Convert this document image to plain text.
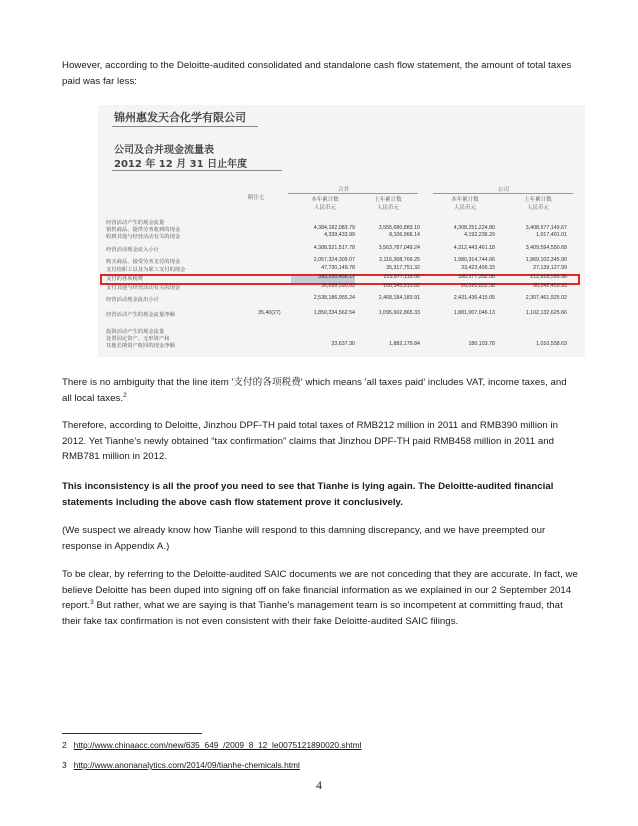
However, according to the Deloitte-audited consolidated and standalone cash flow statement, the amount of total taxes paid was far less:
锦州惠发天合化学有限公司
公司及合并现金流量表
2012 年 12 月 31 日止年度
附注七
合并	公司
本年累计数
人民币元
上年累计数
人民币元
本年累计数
人民币元
上年累计数
人民币元
经营活动产生的现金流量
销售商品、提供劳务收到的现金	4,384,182,083.79	3,555,680,883.10	4,308,251,224.80	3,408,577,149.67
收到其他与经营活动有关的现金	4,339,433.99	8,106,966.14	4,192,236.29	1,017,401.01
经营活动现金流入小计	4,388,521,517.78	3,563,787,049.24	4,312,443,461.18	3,409,594,550.68
购买商品、接受劳务支付的现金	2,057,324,309.07	2,116,308,769.25	1,980,314,744.66	1,969,102,345.90
支付给职工以及为职工支付的现金	47,730,149.78	35,317,751.32	33,423,495.33	27,139,127.99
支付的各项税费	390,290,456.17	215,977,119.06	390,177,352.58	212,918,595.96
支付其他与经营活动有关的现金	36,699,590.02	100,545,915.82	26,020,832.58	98,242,455.93
经营活动现金流出小计	2,538,186,955.24	2,468,184,183.91	2,431,436,415.05	2,307,461,925.02
经营活动产生的现金流量净额	35,40(27)	1,850,334,562.54	1,095,602,865.33	1,881,007,046.13	1,102,132,625.66
投资活动产生的现金流量
处置固定资产、无形资产和
其他长期资产收回的现金净额	33,637.30	1,882,179.84	180,103.78	1,010,558.63
There is no ambiguity that the line item '支付的各项税费' which means 'all taxes paid' includes VAT, income taxes, and all local taxes.$^2$
Therefore, according to Deloitte, Jinzhou DPF-TH paid total taxes of RMB212 million in 2011 and RMB390 million in 2012. Yet Tianhe’s newly obtained “tax confirmation” claims that Jinzhou DPF-TH paid RMB458 million in 2011 and RMB781 million in 2012.
This inconsistency is all the proof you need to see that Tianhe is lying again. The Deloitte-audited financial statements including the above cash flow statement prove it conclusively.
(We suspect we already know how Tianhe will respond to this damning discrepancy, and we have preempted our response in Appendix A.)
To be clear, by referring to the Deloitte-audited SAIC documents we are not conceding that they are accurate. In fact, we believe Deloitte has been duped into signing off on fake financial information as we explained in our 2 September 2014 report.$^3$ But rather, what we are saying is that Tianhe's management team is so incompetent at committing fraud, that their fake tax confirmation is not even consistent with their fake Deloitte-audited SAIC filings.
2 http://www.chinaacc.com/new/635_649_/2009_8_12_le0075121890020.shtml
3 http://www.anonanalytics.com/2014/09/tianhe-chemicals.html
4
